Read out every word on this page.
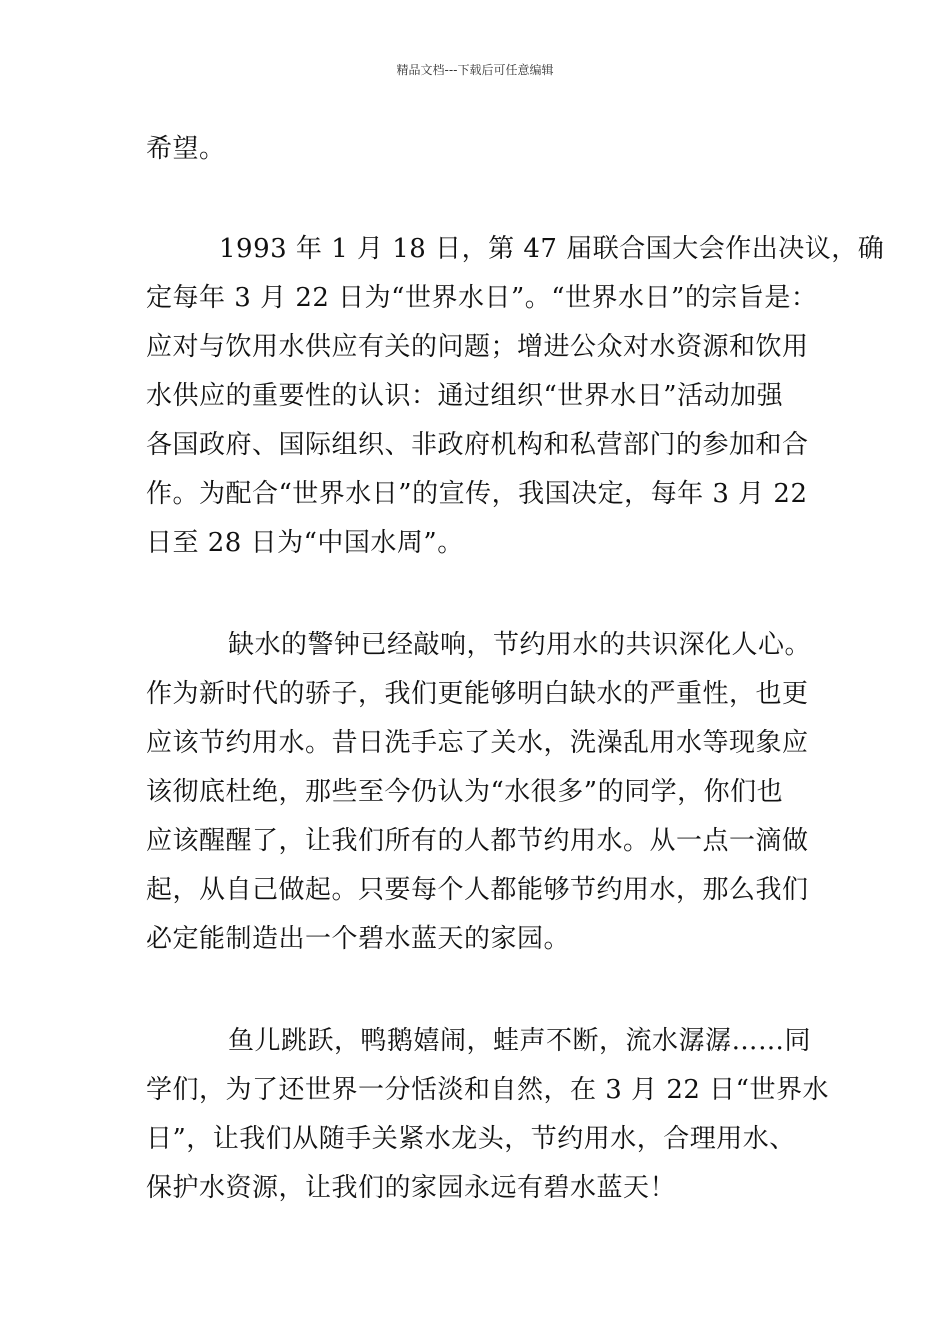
精品文档---下载后可任意编辑
希望。
1993 年 1 月 18 日，第 47 届联合国大会作出决议，确
定每年 3 月 22 日为“世界水日”。“世界水日”的宗旨是：
应对与饮用水供应有关的问题；增进公众对水资源和饮用
水供应的重要性的认识：通过组织“世界水日”活动加强
各国政府、国际组织、非政府机构和私营部门的参加和合
作。为配合“世界水日”的宣传，我国决定，每年 3 月 22
日至 28 日为“中国水周”。
缺水的警钟已经敲响，节约用水的共识深化人心。
作为新时代的骄子，我们更能够明白缺水的严重性，也更
应该节约用水。昔日洗手忘了关水，洗澡乱用水等现象应
该彻底杜绝，那些至今仍认为“水很多”的同学，你们也
应该醒醒了，让我们所有的人都节约用水。从一点一滴做
起，从自己做起。只要每个人都能够节约用水，那么我们
必定能制造出一个碧水蓝天的家园。
鱼儿跳跃，鸭鹅嬉闹，蛙声不断，流水潺潺……同
学们，为了还世界一分恬淡和自然，在 3 月 22 日“世界水
日”，让我们从随手关紧水龙头，节约用水，合理用水、
保护水资源，让我们的家园永远有碧水蓝天！
